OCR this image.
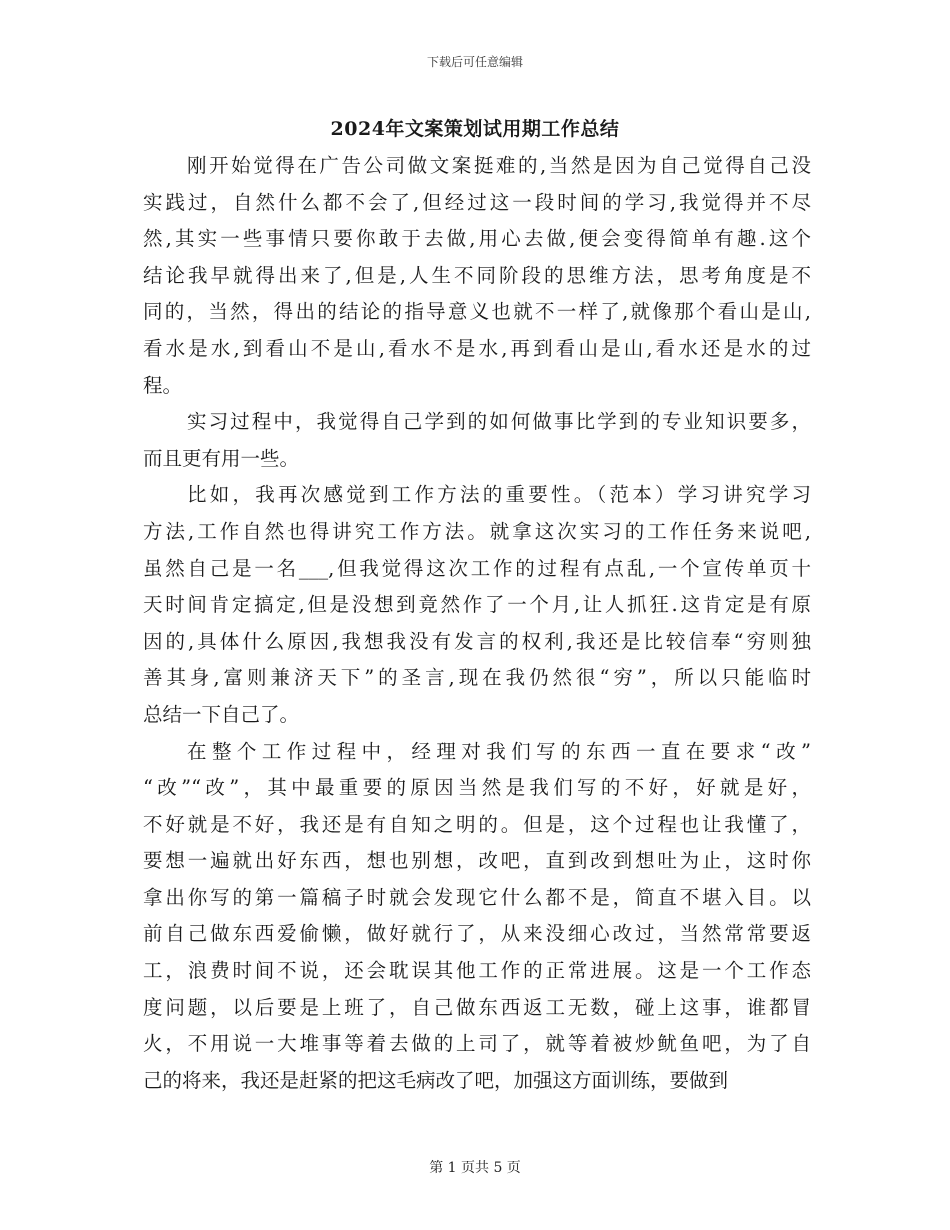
下载后可任意编辑
2024年文案策划试用期工作总结
刚开始觉得在广告公司做文案挺难的,当然是因为自己觉得自己没
实践过，自然什么都不会了,但经过这一段时间的学习,我觉得并不尽
然,其实一些事情只要你敢于去做,用心去做,便会变得简单有趣.这个
结论我早就得出来了,但是,人生不同阶段的思维方法，思考角度是不
同的，当然，得出的结论的指导意义也就不一样了,就像那个看山是山,
看水是水,到看山不是山,看水不是水,再到看山是山,看水还是水的过
程。
实习过程中，我觉得自己学到的如何做事比学到的专业知识要多，
而且更有用一些。
比如，我再次感觉到工作方法的重要性。（范本）学习讲究学习
方法,工作自然也得讲究工作方法。就拿这次实习的工作任务来说吧,
虽然自己是一名___,但我觉得这次工作的过程有点乱,一个宣传单页十
天时间肯定搞定,但是没想到竟然作了一个月,让人抓狂.这肯定是有原
因的,具体什么原因,我想我没有发言的权利,我还是比较信奉“穷则独
善其身,富则兼济天下”的圣言,现在我仍然很“穷”，所以只能临时
总结一下自己了。
在整个工作过程中，经理对我们写的东西一直在要求“改”
“改”“改”，其中最重要的原因当然是我们写的不好，好就是好，
不好就是不好，我还是有自知之明的。但是，这个过程也让我懂了，
要想一遍就出好东西，想也别想，改吧，直到改到想吐为止，这时你
拿出你写的第一篇稿子时就会发现它什么都不是，简直不堪入目。以
前自己做东西爱偷懒，做好就行了，从来没细心改过，当然常常要返
工，浪费时间不说，还会耽误其他工作的正常进展。这是一个工作态
度问题，以后要是上班了，自己做东西返工无数，碰上这事，谁都冒
火，不用说一大堆事等着去做的上司了，就等着被炒鱿鱼吧，为了自
己的将来，我还是赶紧的把这毛病改了吧，加强这方面训练，要做到
第 1 页共 5 页
